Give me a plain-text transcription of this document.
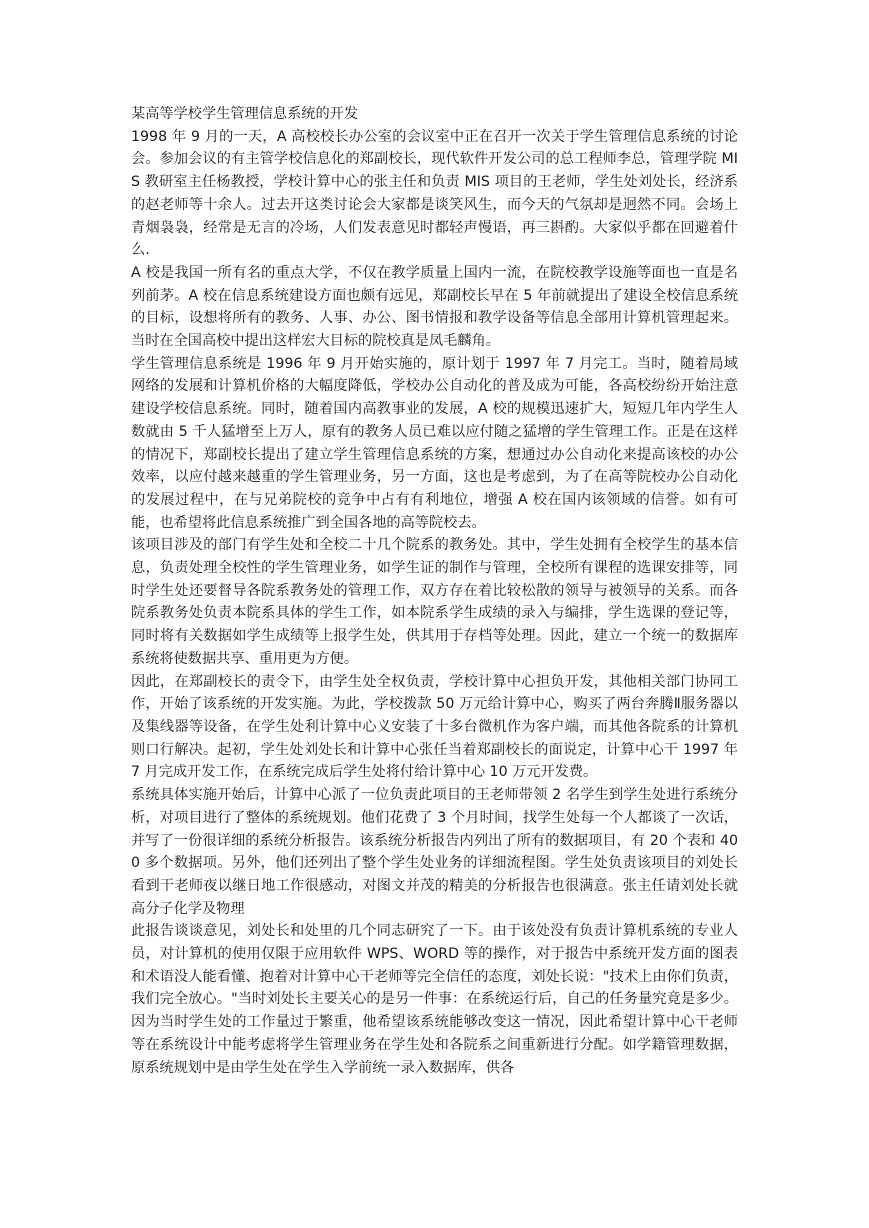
某高等学校学生管理信息系统的开发

1998 年 9 月的一天，A 高校校长办公室的会议室中正在召开一次关于学生管理信息系统的讨论会。参加会议的有主管学校信息化的郑副校长，现代软件开发公司的总工程师李总，管理学院 MIS 教研室主任杨教授，学校计算中心的张主任和负责 MIS 项目的王老师，学生处刘处长，经济系的赵老师等十余人。过去开这类讨论会大家都是谈笑风生，而今天的气氛却是迥然不同。会场上青烟袅袅，经常是无言的冷场，人们发表意见时都轻声慢语，再三斟酌。大家似乎都在回避着什么.

A 校是我国一所有名的重点大学，不仅在教学质量上国内一流，在院校教学设施等面也一直是名列前茅。A 校在信息系统建设方面也颇有远见，郑副校长早在 5 年前就提出了建设全校信息系统的目标，设想将所有的教务、人事、办公、图书情报和教学设备等信息全部用计算机管理起来。当时在全国高校中提出这样宏大目标的院校真是凤毛麟角。

学生管理信息系统是 1996 年 9 月开始实施的，原计划于 1997 年 7 月完工。当时，随着局域网络的发展和计算机价格的大幅度降低，学校办公自动化的普及成为可能，各高校纷纷开始注意建设学校信息系统。同时，随着国内高教事业的发展，A 校的规模迅速扩大，短短几年内学生人数就由 5 千人猛增至上万人，原有的教务人员已难以应付随之猛增的学生管理工作。正是在这样的情况下，郑副校长提出了建立学生管理信息系统的方案，想通过办公自动化来提高该校的办公效率，以应付越来越重的学生管理业务，另一方面，这也是考虑到，为了在高等院校办公自动化的发展过程中，在与兄弟院校的竞争中占有有利地位，增强 A 校在国内该领域的信誉。如有可能，也希望将此信息系统推广到全国各地的高等院校去。

该项目涉及的部门有学生处和全校二十几个院系的教务处。其中，学生处拥有全校学生的基本信息，负责处理全校性的学生管理业务，如学生证的制作与管理，全校所有课程的选课安排等，同时学生处还要督导各院系教务处的管理工作，双方存在着比较松散的领导与被领导的关系。而各院系教务处负责本院系具体的学生工作，如本院系学生成绩的录入与编排，学生选课的登记等，同时将有关数据如学生成绩等上报学生处，供其用于存档等处理。因此，建立一个统一的数据库系统将使数据共享、重用更为方便。

因此，在郑副校长的责令下，由学生处全权负责，学校计算中心担负开发，其他相关部门协同工作，开始了该系统的开发实施。为此，学校拨款 50 万元给计算中心，购买了两台奔腾Ⅱ服务器以及集线器等设备，在学生处利计算中心义安装了十多台微机作为客户端，而其他各院系的计算机则口行解决。起初，学生处刘处长和计算中心张任当着郑副校长的面说定，计算中心干 1997 年 7 月完成开发工作，在系统完成后学生处将付给计算中心 10 万元开发费。

系统具体实施开始后，计算中心派了一位负责此项目的王老师带领 2 名学生到学生处进行系统分析，对项目进行了整体的系统规划。他们花费了 3 个月时间，找学生处每一个人都谈了一次话，并写了一份很详细的系统分析报告。该系统分析报告内列出了所有的数据项目，有 20 个表和 400 多个数据项。另外，他们还列出了整个学生处业务的详细流程图。学生处负责该项目的刘处长看到干老师夜以继日地工作很感动，对图文并茂的精美的分析报告也很满意。张主任请刘处长就高分子化学及物理

此报告谈谈意见，刘处长和处里的几个同志研究了一下。由于该处没有负责计算机系统的专业人员，对计算机的使用仅限于应用软件 WPS、WORD 等的操作，对于报告中系统开发方面的图表和术语没人能看懂、抱着对计算中心干老师等完全信任的态度，刘处长说："技术上由你们负责，我们完全放心。"当时刘处长主要关心的是另一件事：在系统运行后，自己的任务量究竟是多少。因为当时学生处的工作量过于繁重，他希望该系统能够改变这一情况，因此希望计算中心干老师等在系统设计中能考虑将学生管理业务在学生处和各院系之间重新进行分配。如学籍管理数据，原系统规划中是由学生处在学生入学前统一录入数据库，供各
